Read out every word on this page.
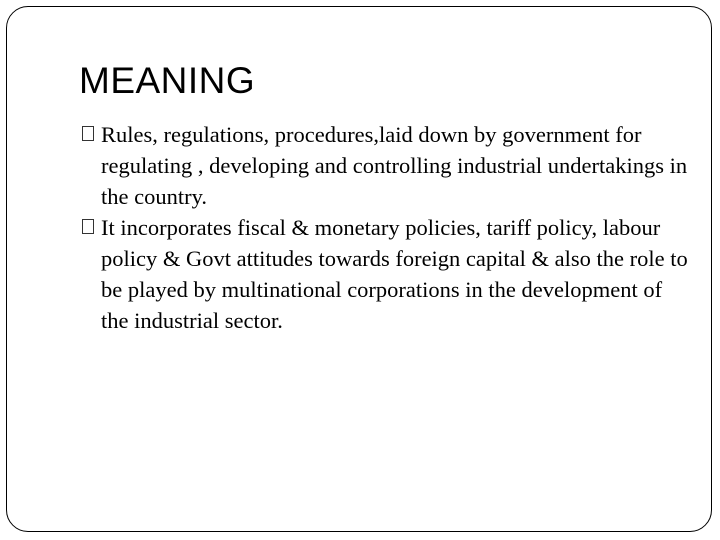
MEANING
Rules, regulations, procedures,laid down by government for regulating , developing and controlling industrial undertakings in the country.
It incorporates fiscal & monetary policies, tariff policy, labour policy & Govt attitudes towards foreign capital & also the role to be played by multinational corporations in the development of the industrial sector.
